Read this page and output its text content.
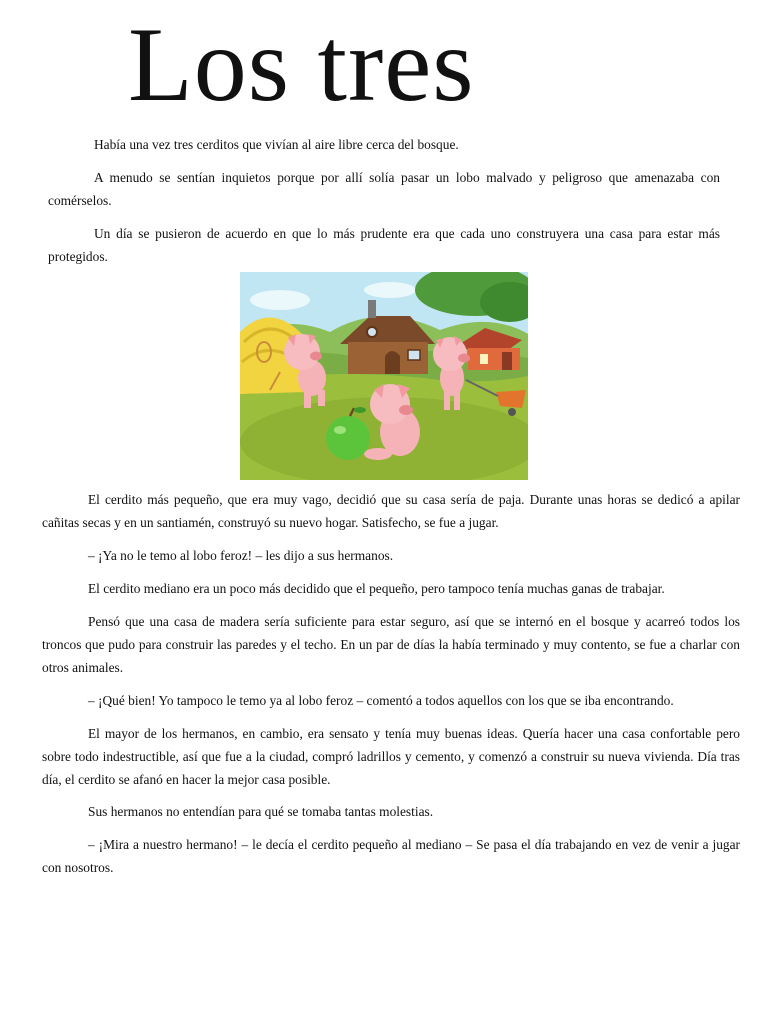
Los tres

Había una vez tres cerditos que vivían al aire libre cerca del bosque.

A menudo se sentían inquietos porque por allí solía pasar un lobo malvado y peligroso que amenazaba con comérselos.

Un día se pusieron de acuerdo en que lo más prudente era que cada uno construyera una casa para estar más protegidos.

El cerdito más pequeño, que era muy vago, decidió que su casa sería de paja. Durante unas horas se dedicó a apilar cañitas secas y en un santiamén, construyó su nuevo hogar. Satisfecho, se fue a jugar.

– ¡Ya no le temo al lobo feroz! – les dijo a sus hermanos.

El cerdito mediano era un poco más decidido que el pequeño, pero tampoco tenía muchas ganas de trabajar.

Pensó que una casa de madera sería suficiente para estar seguro, así que se internó en el bosque y acarreó todos los troncos que pudo para construir las paredes y el techo. En un par de días la había terminado y muy contento, se fue a charlar con otros animales.

– ¡Qué bien! Yo tampoco le temo ya al lobo feroz – comentó a todos aquellos con los que se iba encontrando.

El mayor de los hermanos, en cambio, era sensato y tenía muy buenas ideas. Quería hacer una casa confortable pero sobre todo indestructible, así que fue a la ciudad, compró ladrillos y cemento, y comenzó a construir su nueva vivienda. Día tras día, el cerdito se afanó en hacer la mejor casa posible.

Sus hermanos no entendían para qué se tomaba tantas molestias.

– ¡Mira a nuestro hermano! – le decía el cerdito pequeño al mediano – Se pasa el día trabajando en vez de venir a jugar con nosotros.
